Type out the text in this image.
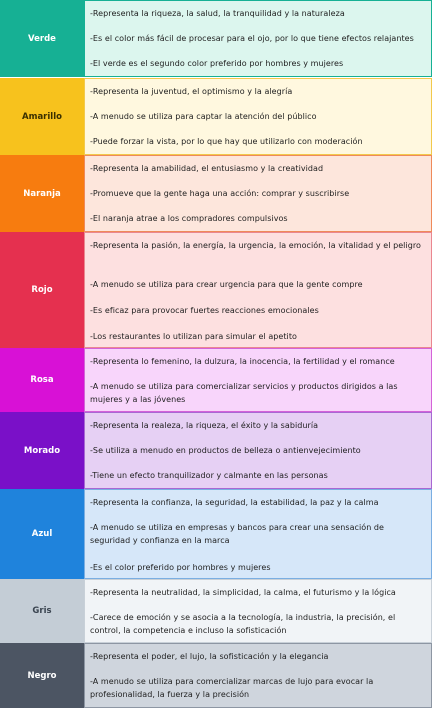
Verde

-Representa la riqueza, la salud, la tranquilidad y la naturaleza

-Es el color más fácil de procesar para el ojo, por lo que tiene efectos relajantes

-El verde es el segundo color preferido por hombres y mujeres

Amarillo

-Representa la juventud, el optimismo y la alegría

-A menudo se utiliza para captar la atención del público

-Puede forzar la vista, por lo que hay que utilizarlo con moderación

Naranja

-Representa la amabilidad, el entusiasmo y la creatividad

-Promueve que la gente haga una acción: comprar y suscribirse

-El naranja atrae a los compradores compulsivos

Rojo

-Representa la pasión, la energía, la urgencia, la emoción, la vitalidad y el peligro

-A menudo se utiliza para crear urgencia para que la gente compre

-Es eficaz para provocar fuertes reacciones emocionales

-Los restaurantes lo utilizan para simular el apetito

Rosa

-Representa lo femenino, la dulzura, la inocencia, la fertilidad y el romance

-A menudo se utiliza para comercializar servicios y productos dirigidos a las mujeres y a las jóvenes

Morado

-Representa la realeza, la riqueza, el éxito y la sabiduría

-Se utiliza a menudo en productos de belleza o antienvejecimiento

-Tiene un efecto tranquilizador y calmante en las personas

Azul

-Representa la confianza, la seguridad, la estabilidad, la paz y la calma

-A menudo se utiliza en empresas y bancos para crear una sensación de seguridad y confianza en la marca

-Es el color preferido por hombres y mujeres

Gris

-Representa la neutralidad, la simplicidad, la calma, el futurismo y la lógica

-Carece de emoción y se asocia a la tecnología, la industria, la precisión, el control, la competencia e incluso la sofisticación

Negro

-Representa el poder, el lujo, la sofisticación y la elegancia

-A menudo se utiliza para comercializar marcas de lujo para evocar la profesionalidad, la fuerza y la precisión
